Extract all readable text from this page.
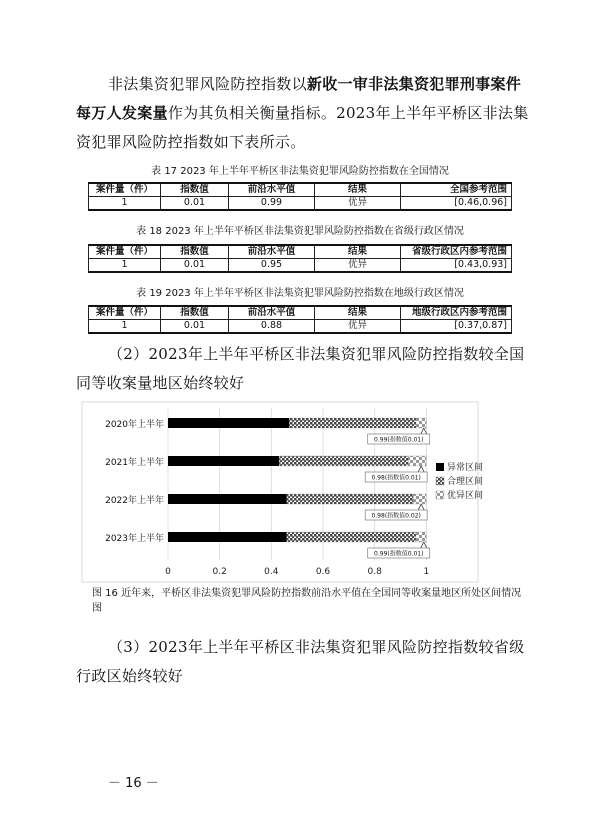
非法集资犯罪风险防控指数以新收一审非法集资犯罪刑事案件每万人发案量作为其负相关衡量指标。2023年上半年平桥区非法集资犯罪风险防控指数如下表所示。
表 17 2023 年上半年平桥区非法集资犯罪风险防控指数在全国情况
案件量（件）	指数值	前沿水平值	结果	全国参考范围
1	0.01	0.99	优异	[0.46,0.96]
表 18 2023 年上半年平桥区非法集资犯罪风险防控指数在省级行政区情况
案件量（件）	指数值	前沿水平值	结果	省级行政区内参考范围
1	0.01	0.95	优异	[0.43,0.93]
表 19 2023 年上半年平桥区非法集资犯罪风险防控指数在地级行政区情况
案件量（件）	指数值	前沿水平值	结果	地级行政区内参考范围
1	0.01	0.88	优异	[0.37,0.87]
（2）2023年上半年平桥区非法集资犯罪风险防控指数较全国同等收案量地区始终较好
0	0.2	0.4	0.6	0.8	1
2020年上半年
0.99(指数值0.01)
2021年上半年
0.98(指数值0.01)
2022年上半年
0.98(指数值0.02)
2023年上半年
0.99(指数值0.01)
异常区间
合理区间
优异区间
图 16 近年来，平桥区非法集资犯罪风险防控指数前沿水平值在全国同等收案量地区所处区间情况图
（3）2023年上半年平桥区非法集资犯罪风险防控指数较省级行政区始终较好
－ 16 －
